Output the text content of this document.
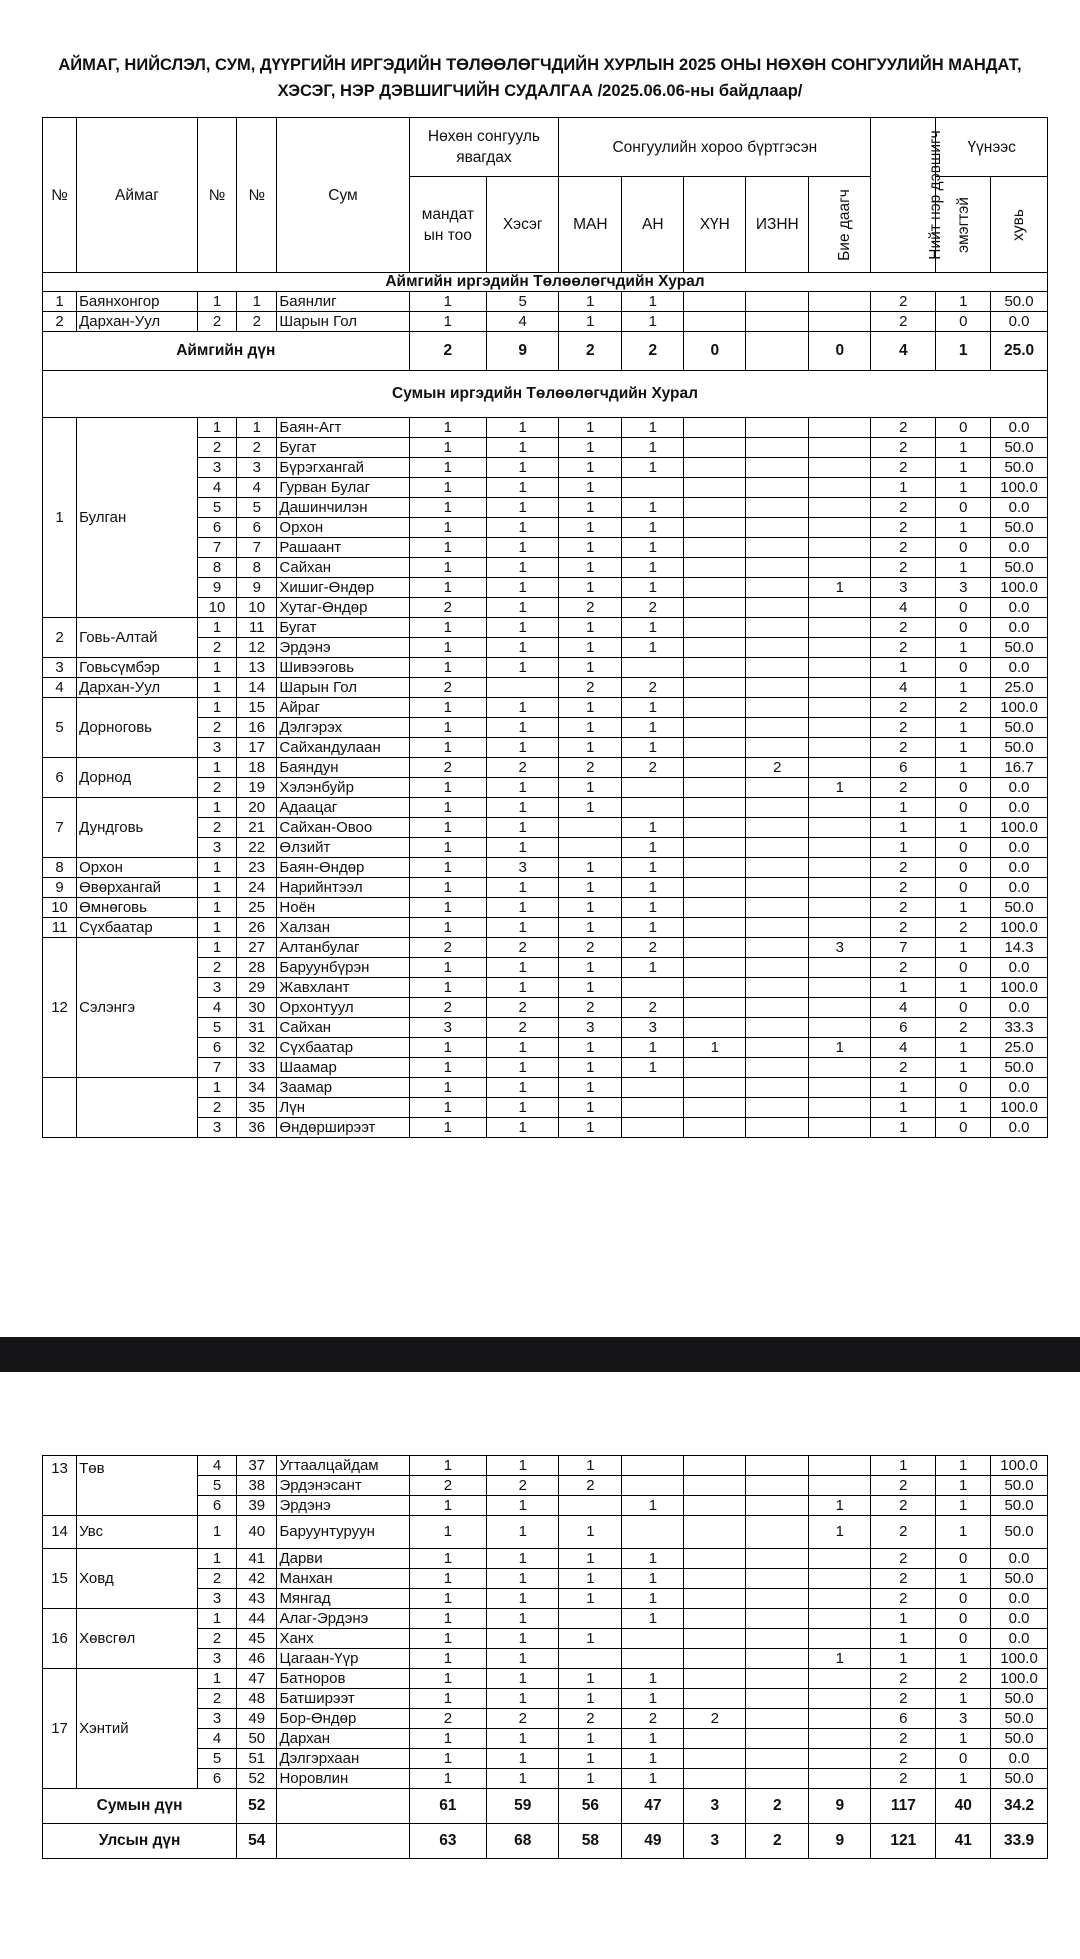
АЙМАГ, НИЙСЛЭЛ, СУМ, ДҮҮРГИЙН ИРГЭДИЙН ТӨЛӨӨЛӨГЧДИЙН ХУРЛЫН 2025 ОНЫ НӨХӨН СОНГУУЛИЙН МАНДАТ, ХЭСЭГ, НЭР ДЭВШИГЧИЙН СУДАЛГАА /2025.06.06-ны байдлаар/
№	Аймаг	№	№	Сум	Нөхөн сонгууль явагдах		Сонгуулийн хороо бүртгэсэн					Нийт нэр дэвшигч	Үүнээс	
					мандат ын тоо	Хэсэг	МАН	АН	ХҮН	ИЗНН	Бие даагч		эмэгтэй	хувь
Аймгийн иргэдийн Төлөөлөгчдийн Хурал														
1	Баянхонгор	1	1	Баянлиг	1	5	1	1				2	1	50.0
2	Дархан-Уул	2	2	Шарын Гол	1	4	1	1				2	0	0.0
Аймгийн дүн					2	9	2	2	0		0	4	1	25.0
Сумын иргэдийн Төлөөлөгчдийн Хурал														
1	Булган	1	1	Баян-Агт	1	1	1	1				2	0	0.0
		2	2	Бугат	1	1	1	1				2	1	50.0
		3	3	Бүрэгхангай	1	1	1	1				2	1	50.0
		4	4	Гурван Булаг	1	1	1					1	1	100.0
		5	5	Дашинчилэн	1	1	1	1				2	0	0.0
		6	6	Орхон	1	1	1	1				2	1	50.0
		7	7	Рашаант	1	1	1	1				2	0	0.0
		8	8	Сайхан	1	1	1	1				2	1	50.0
		9	9	Хишиг-Өндөр	1	1	1	1			1	3	3	100.0
		10	10	Хутаг-Өндөр	2	1	2	2				4	0	0.0
2	Говь-Алтай	1	11	Бугат	1	1	1	1				2	0	0.0
		2	12	Эрдэнэ	1	1	1	1				2	1	50.0
3	Говьсүмбэр	1	13	Шивээговь	1	1	1					1	0	0.0
4	Дархан-Уул	1	14	Шарын Гол	2		2	2				4	1	25.0
5	Дорноговь	1	15	Айраг	1	1	1	1				2	2	100.0
		2	16	Дэлгэрэх	1	1	1	1				2	1	50.0
		3	17	Сайхандулаан	1	1	1	1				2	1	50.0
6	Дорнод	1	18	Баяндун	2	2	2	2		2		6	1	16.7
		2	19	Хэлэнбуйр	1	1	1				1	2	0	0.0
7	Дундговь	1	20	Адаацаг	1	1	1					1	0	0.0
		2	21	Сайхан-Овоо	1	1		1				1	1	100.0
		3	22	Өлзийт	1	1		1				1	0	0.0
8	Орхон	1	23	Баян-Өндөр	1	3	1	1				2	0	0.0
9	Өвөрхангай	1	24	Нарийнтээл	1	1	1	1				2	0	0.0
10	Өмнөговь	1	25	Ноён	1	1	1	1				2	1	50.0
11	Сүхбаатар	1	26	Халзан	1	1	1	1				2	2	100.0
12	Сэлэнгэ	1	27	Алтанбулаг	2	2	2	2			3	7	1	14.3
		2	28	Баруунбүрэн	1	1	1	1				2	0	0.0
		3	29	Жавхлант	1	1	1					1	1	100.0
		4	30	Орхонтуул	2	2	2	2				4	0	0.0
		5	31	Сайхан	3	2	3	3				6	2	33.3
		6	32	Сүхбаатар	1	1	1	1	1		1	4	1	25.0
		7	33	Шаамар	1	1	1	1				2	1	50.0
		1	34	Заамар	1	1	1					1	0	0.0
		2	35	Лүн	1	1	1					1	1	100.0
		3	36	Өндөрширээт	1	1	1					1	0	0.0
13	Төв	4	37	Угтаалцайдам	1	1	1					1	1	100.0
		5	38	Эрдэнэсант	2	2	2					2	1	50.0
		6	39	Эрдэнэ	1	1		1			1	2	1	50.0
14	Увс	1	40	Баруунтуруун	1	1	1				1	2	1	50.0
15	Ховд	1	41	Дарви	1	1	1	1				2	0	0.0
		2	42	Манхан	1	1	1	1				2	1	50.0
		3	43	Мянгад	1	1	1	1				2	0	0.0
16	Хөвсгөл	1	44	Алаг-Эрдэнэ	1	1		1				1	0	0.0
		2	45	Ханх	1	1	1					1	0	0.0
		3	46	Цагаан-Үүр	1	1					1	1	1	100.0
17	Хэнтий	1	47	Батноров	1	1	1	1				2	2	100.0
		2	48	Батширээт	1	1	1	1				2	1	50.0
		3	49	Бор-Өндөр	2	2	2	2	2			6	3	50.0
		4	50	Дархан	1	1	1	1				2	1	50.0
		5	51	Дэлгэрхаан	1	1	1	1				2	0	0.0
		6	52	Норовлин	1	1	1	1				2	1	50.0
Сумын дүн			52		61	59	56	47	3	2	9	117	40	34.2
Улсын дүн			54		63	68	58	49	3	2	9	121	41	33.9
